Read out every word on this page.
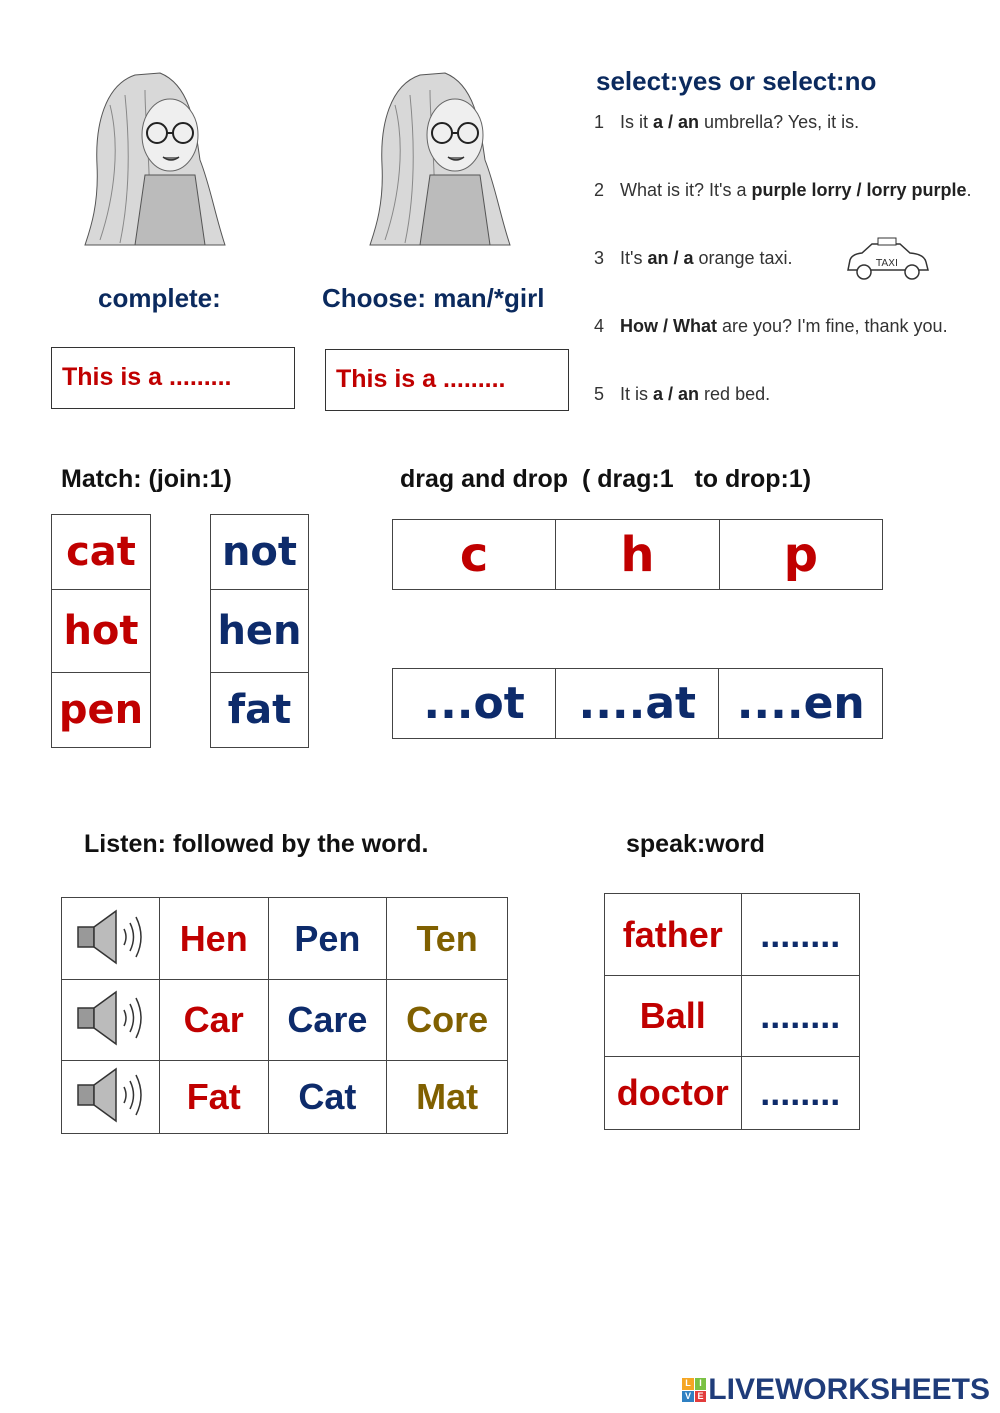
complete:	Choose: man/*girl
This is a .........	This is a .........
select:yes or select:no
1 Is it a / an umbrella? Yes, it is.
2 What is it? It's a purple lorry / lorry purple.
3 It's an / a orange taxi.	TAXI
4 How / What are you? I'm fine, thank you.
5 It is a / an red bed.
Match: (join:1)
cat
hot
pen
not
hen
fat
drag and drop  ( drag:1   to drop:1)
c	h	p
...ot	....at	....en
Listen: followed by the word.
	Hen	Pen	Ten
	Car	Care	Core
	Fat	Cat	Mat
speak:word
father	........
Ball	........
doctor	........
L I
V E LIVEWORKSHEETS
